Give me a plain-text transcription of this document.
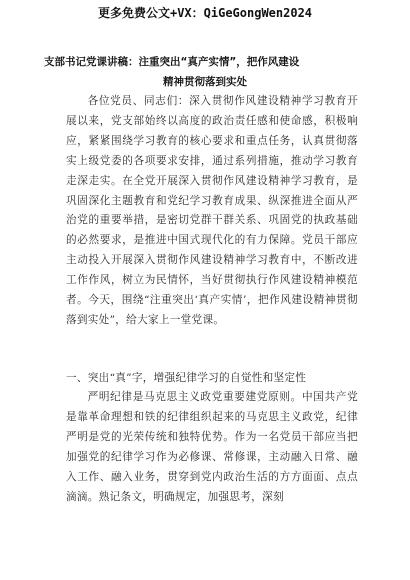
更多免费公文+VX：QiGeGongWen2024
支部书记党课讲稿：注重突出“真产实情”，把作风建设
精神贯彻落到实处
各位党员、同志们：深入贯彻作风建设精神学习教育开展以来，党支部始终以高度的政治责任感和使命感，积极响应，紧紧围绕学习教育的核心要求和重点任务，认真贯彻落实上级党委的各项要求安排，通过系列措施，推动学习教育走深走实。在全党开展深入贯彻作风建设精神学习教育，是巩固深化主题教育和党纪学习教育成果、纵深推进全面从严治党的重要举措，是密切党群干群关系、巩固党的执政基础的必然要求，是推进中国式现代化的有力保障。党员干部应主动投入开展深入贯彻作风建设精神学习教育中，不断改进工作作风，树立为民情怀，当好贯彻执行作风建设精神模范者。今天，围绕“注重突出‘真产实情’，把作风建设精神贯彻落到实处”，给大家上一堂党课。
一、突出“真”字，增强纪律学习的自觉性和坚定性
严明纪律是马克思主义政党重要建党原则。中国共产党是靠革命理想和铁的纪律组织起来的马克思主义政党，纪律严明是党的光荣传统和独特优势。作为一名党员干部应当把加强党的纪律学习作为必修课、常修课，主动融入日常、融入工作、融入业务，贯穿到党内政治生活的方方面面、点点滴滴。熟记条文，明确规定，加强思考，深刻
